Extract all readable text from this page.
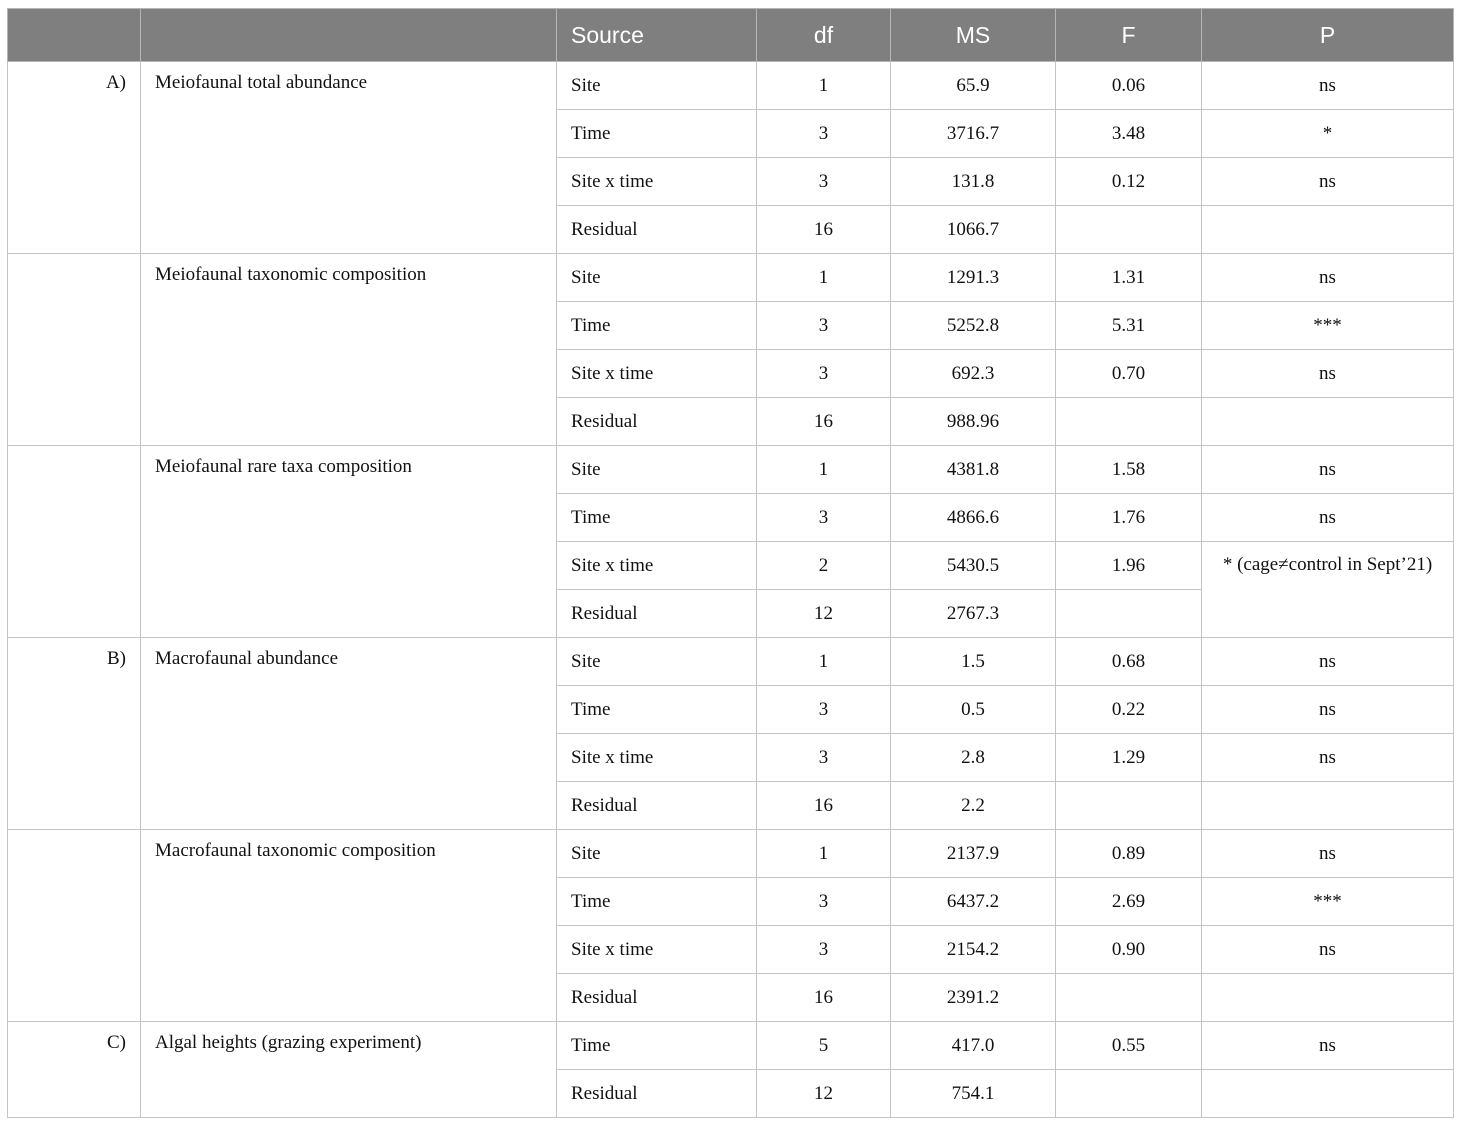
		Source	df	MS	F	P
A)	Meiofaunal total abundance	Site	1	65.9	0.06	ns
		Time	3	3716.7	3.48	*
		Site x time	3	131.8	0.12	ns
		Residual	16	1066.7		
	Meiofaunal taxonomic composition	Site	1	1291.3	1.31	ns
		Time	3	5252.8	5.31	***
		Site x time	3	692.3	0.70	ns
		Residual	16	988.96		
	Meiofaunal rare taxa composition	Site	1	4381.8	1.58	ns
		Time	3	4866.6	1.76	ns
		Site x time	2	5430.5	1.96	* (cage≠control in Sept’21)
		Residual	12	2767.3		
B)	Macrofaunal abundance	Site	1	1.5	0.68	ns
		Time	3	0.5	0.22	ns
		Site x time	3	2.8	1.29	ns
		Residual	16	2.2		
	Macrofaunal taxonomic composition	Site	1	2137.9	0.89	ns
		Time	3	6437.2	2.69	***
		Site x time	3	2154.2	0.90	ns
		Residual	16	2391.2		
C)	Algal heights (grazing experiment)	Time	5	417.0	0.55	ns
		Residual	12	754.1		
